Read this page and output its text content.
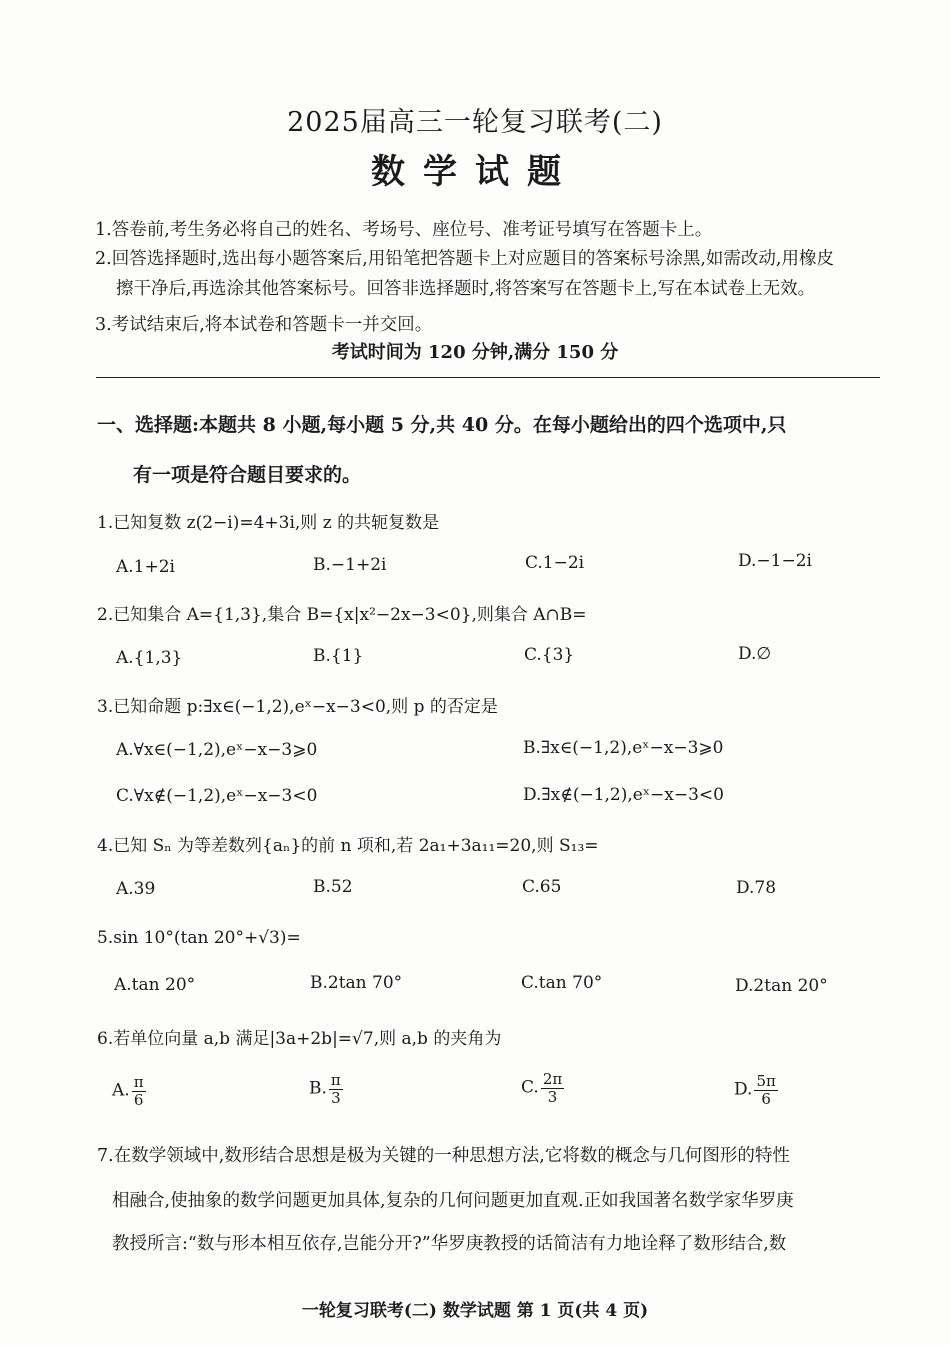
2025届高三一轮复习联考(二)
数学试题
1.答卷前,考生务必将自己的姓名、考场号、座位号、准考证号填写在答题卡上。
2.回答选择题时,选出每小题答案后,用铅笔把答题卡上对应题目的答案标号涂黑,如需改动,用橡皮
擦干净后,再选涂其他答案标号。回答非选择题时,将答案写在答题卡上,写在本试卷上无效。
3.考试结束后,将本试卷和答题卡一并交回。
考试时间为 120 分钟,满分 150 分
一、选择题:本题共 8 小题,每小题 5 分,共 40 分。在每小题给出的四个选项中,只
有一项是符合题目要求的。
1.已知复数 z(2−i)=4+3i,则 z 的共轭复数是
A.1+2i	B.−1+2i	C.1−2i	D.−1−2i
2.已知集合 A={1,3},集合 B={x|x²−2x−3<0},则集合 A∩B=
A.{1,3}	B.{1}	C.{3}	D.∅
3.已知命题 p:∃x∈(−1,2),eˣ−x−3<0,则 p 的否定是
A.∀x∈(−1,2),eˣ−x−3⩾0	B.∃x∈(−1,2),eˣ−x−3⩾0
C.∀x∉(−1,2),eˣ−x−3<0	D.∃x∉(−1,2),eˣ−x−3<0
4.已知 Sₙ 为等差数列{aₙ}的前 n 项和,若 2a₁+3a₁₁=20,则 S₁₃=
A.39	B.52	C.65	D.78
5.sin 10°(tan 20°+√3)=
A.tan 20°	B.2tan 70°	C.tan 70°	D.2tan 20°
6.若单位向量 a,b 满足|3a+2b|=√7,则 a,b 的夹角为
A. $\frac{\pi}{6}$	B. $\frac{\pi}{3}$	C. $\frac{2\pi}{3}$	D. $\frac{5\pi}{6}$
7.在数学领域中,数形结合思想是极为关键的一种思想方法,它将数的概念与几何图形的特性
相融合,使抽象的数学问题更加具体,复杂的几何问题更加直观.正如我国著名数学家华罗庚
教授所言:“数与形本相互依存,岂能分开?”华罗庚教授的话简洁有力地诠释了数形结合,数
一轮复习联考(二) 数学试题 第 1 页(共 4 页)
